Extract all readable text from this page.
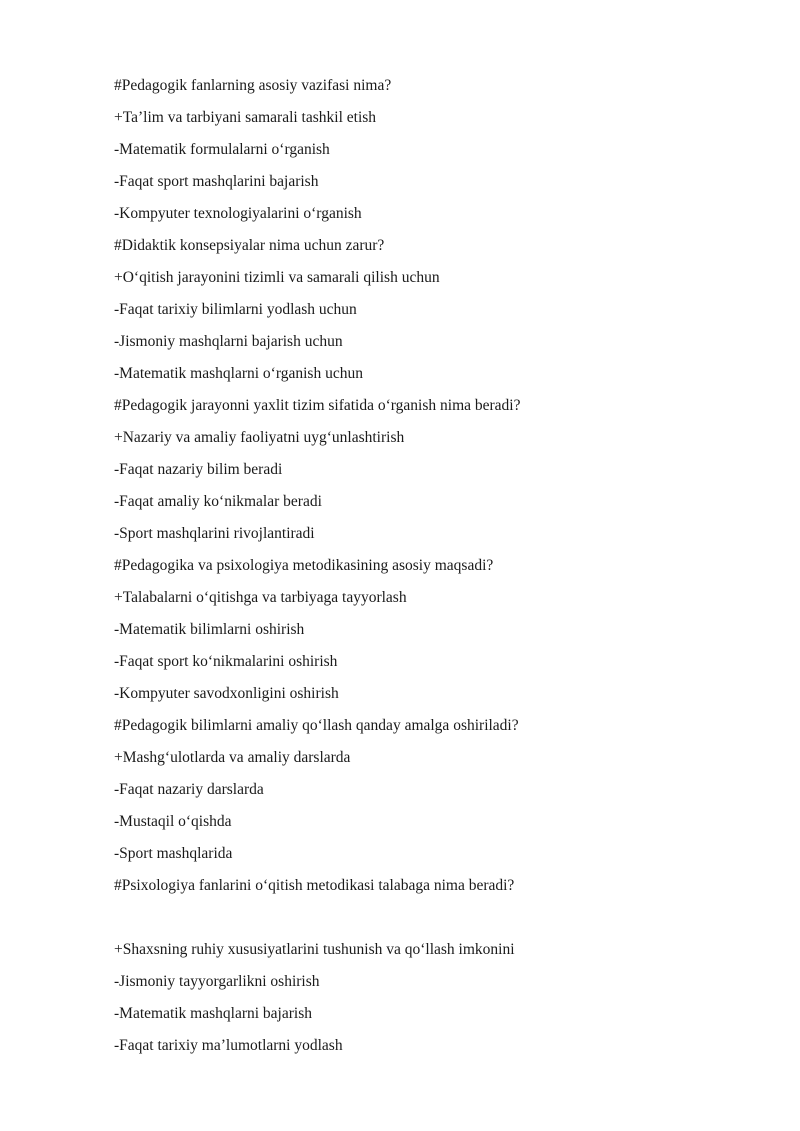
#Pedagogik fanlarning asosiy vazifasi nima?
+Ta’lim va tarbiyani samarali tashkil etish
-Matematik formulalarni o‘rganish
-Faqat sport mashqlarini bajarish
-Kompyuter texnologiyalarini o‘rganish
#Didaktik konsepsiyalar nima uchun zarur?
+O‘qitish jarayonini tizimli va samarali qilish uchun
-Faqat tarixiy bilimlarni yodlash uchun
-Jismoniy mashqlarni bajarish uchun
-Matematik mashqlarni o‘rganish uchun
#Pedagogik jarayonni yaxlit tizim sifatida o‘rganish nima beradi?
+Nazariy va amaliy faoliyatni uyg‘unlashtirish
-Faqat nazariy bilim beradi
-Faqat amaliy ko‘nikmalar beradi
-Sport mashqlarini rivojlantiradi
#Pedagogika va psixologiya metodikasining asosiy maqsadi?
+Talabalarni o‘qitishga va tarbiyaga tayyorlash
-Matematik bilimlarni oshirish
-Faqat sport ko‘nikmalarini oshirish
-Kompyuter savodxonligini oshirish
#Pedagogik bilimlarni amaliy qo‘llash qanday amalga oshiriladi?
+Mashg‘ulotlarda va amaliy darslarda
-Faqat nazariy darslarda
-Mustaqil o‘qishda
-Sport mashqlarida
#Psixologiya fanlarini o‘qitish metodikasi talabaga nima beradi?
+Shaxsning ruhiy xususiyatlarini tushunish va qo‘llash imkonini
-Jismoniy tayyorgarlikni oshirish
-Matematik mashqlarni bajarish
-Faqat tarixiy ma’lumotlarni yodlash
